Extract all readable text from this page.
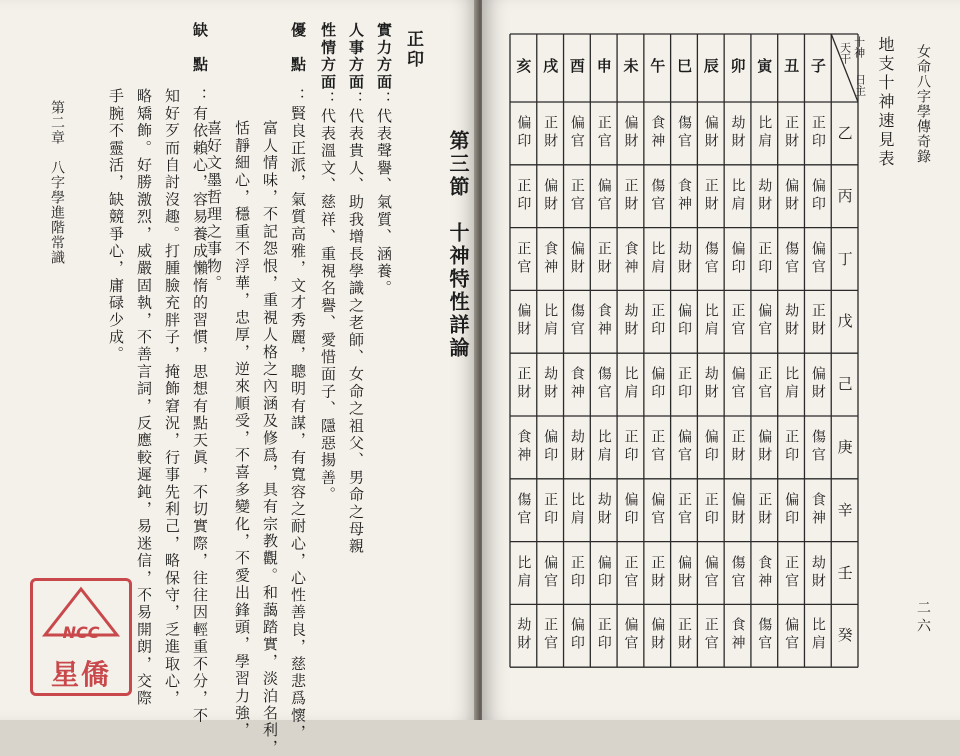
第二章　八字學進階常識
缺　點
：有依賴心，容易養成懶惰的習慣，思想有點天眞，不切實際，往往因輕重不分，不
知好歹而自討沒趣。打腫臉充胖子，掩飾窘況，行事先利己，略保守，乏進取心，
略矯飾。好勝激烈，威嚴固執，不善言詞，反應較遲鈍，易迷信，不易開朗，交際
手腕不靈活，缺競爭心，庸碌少成。
優　點
：賢良正派，氣質高雅，文才秀麗，聰明有謀，有寬容之耐心，心性善良，慈悲爲懷，
富人情味，不記怨恨，重視人格之內涵及修爲，具有宗教觀。和藹踏實，淡泊名利，
恬靜細心，穩重不浮華，忠厚，逆來順受，不喜多變化，不愛出鋒頭，學習力強，
喜好文墨哲理之事物。
性情方面：代表溫文、慈祥、重視名譽、愛惜面子、隱惡揚善。
人事方面：代表貴人、助我增長學識之老師、女命之祖父、男命之母親
實力方面：代表聲譽、氣質、涵養。
正印
第三節　十神特性詳論
NCC
星僑
女命八字學傳奇錄
二六
地支十神速見表
子
丑
寅
卯
辰
巳
午
未
申
酉
戌
亥
十神
天干
日主
乙
正印
正財
比肩
劫財
偏財
傷官
食神
偏財
正官
偏官
正財
偏印
丙
偏印
偏財
劫財
比肩
正財
食神
傷官
正財
偏官
正官
偏財
正印
丁
偏官
傷官
正印
偏印
傷官
劫財
比肩
食神
正財
偏財
食神
正官
戊
正財
劫財
偏官
正官
比肩
偏印
正印
劫財
食神
傷官
比肩
偏財
己
偏財
比肩
正官
偏官
劫財
正印
偏印
比肩
傷官
食神
劫財
正財
庚
傷官
正印
偏財
正財
偏印
偏官
正官
正印
比肩
劫財
偏印
食神
辛
食神
偏印
正財
偏財
正印
正官
偏官
偏印
劫財
比肩
正印
傷官
壬
劫財
正官
食神
傷官
偏官
偏財
正財
正官
偏印
正印
偏官
比肩
癸
比肩
偏官
傷官
食神
正官
正財
偏財
偏官
正印
偏印
正官
劫財
